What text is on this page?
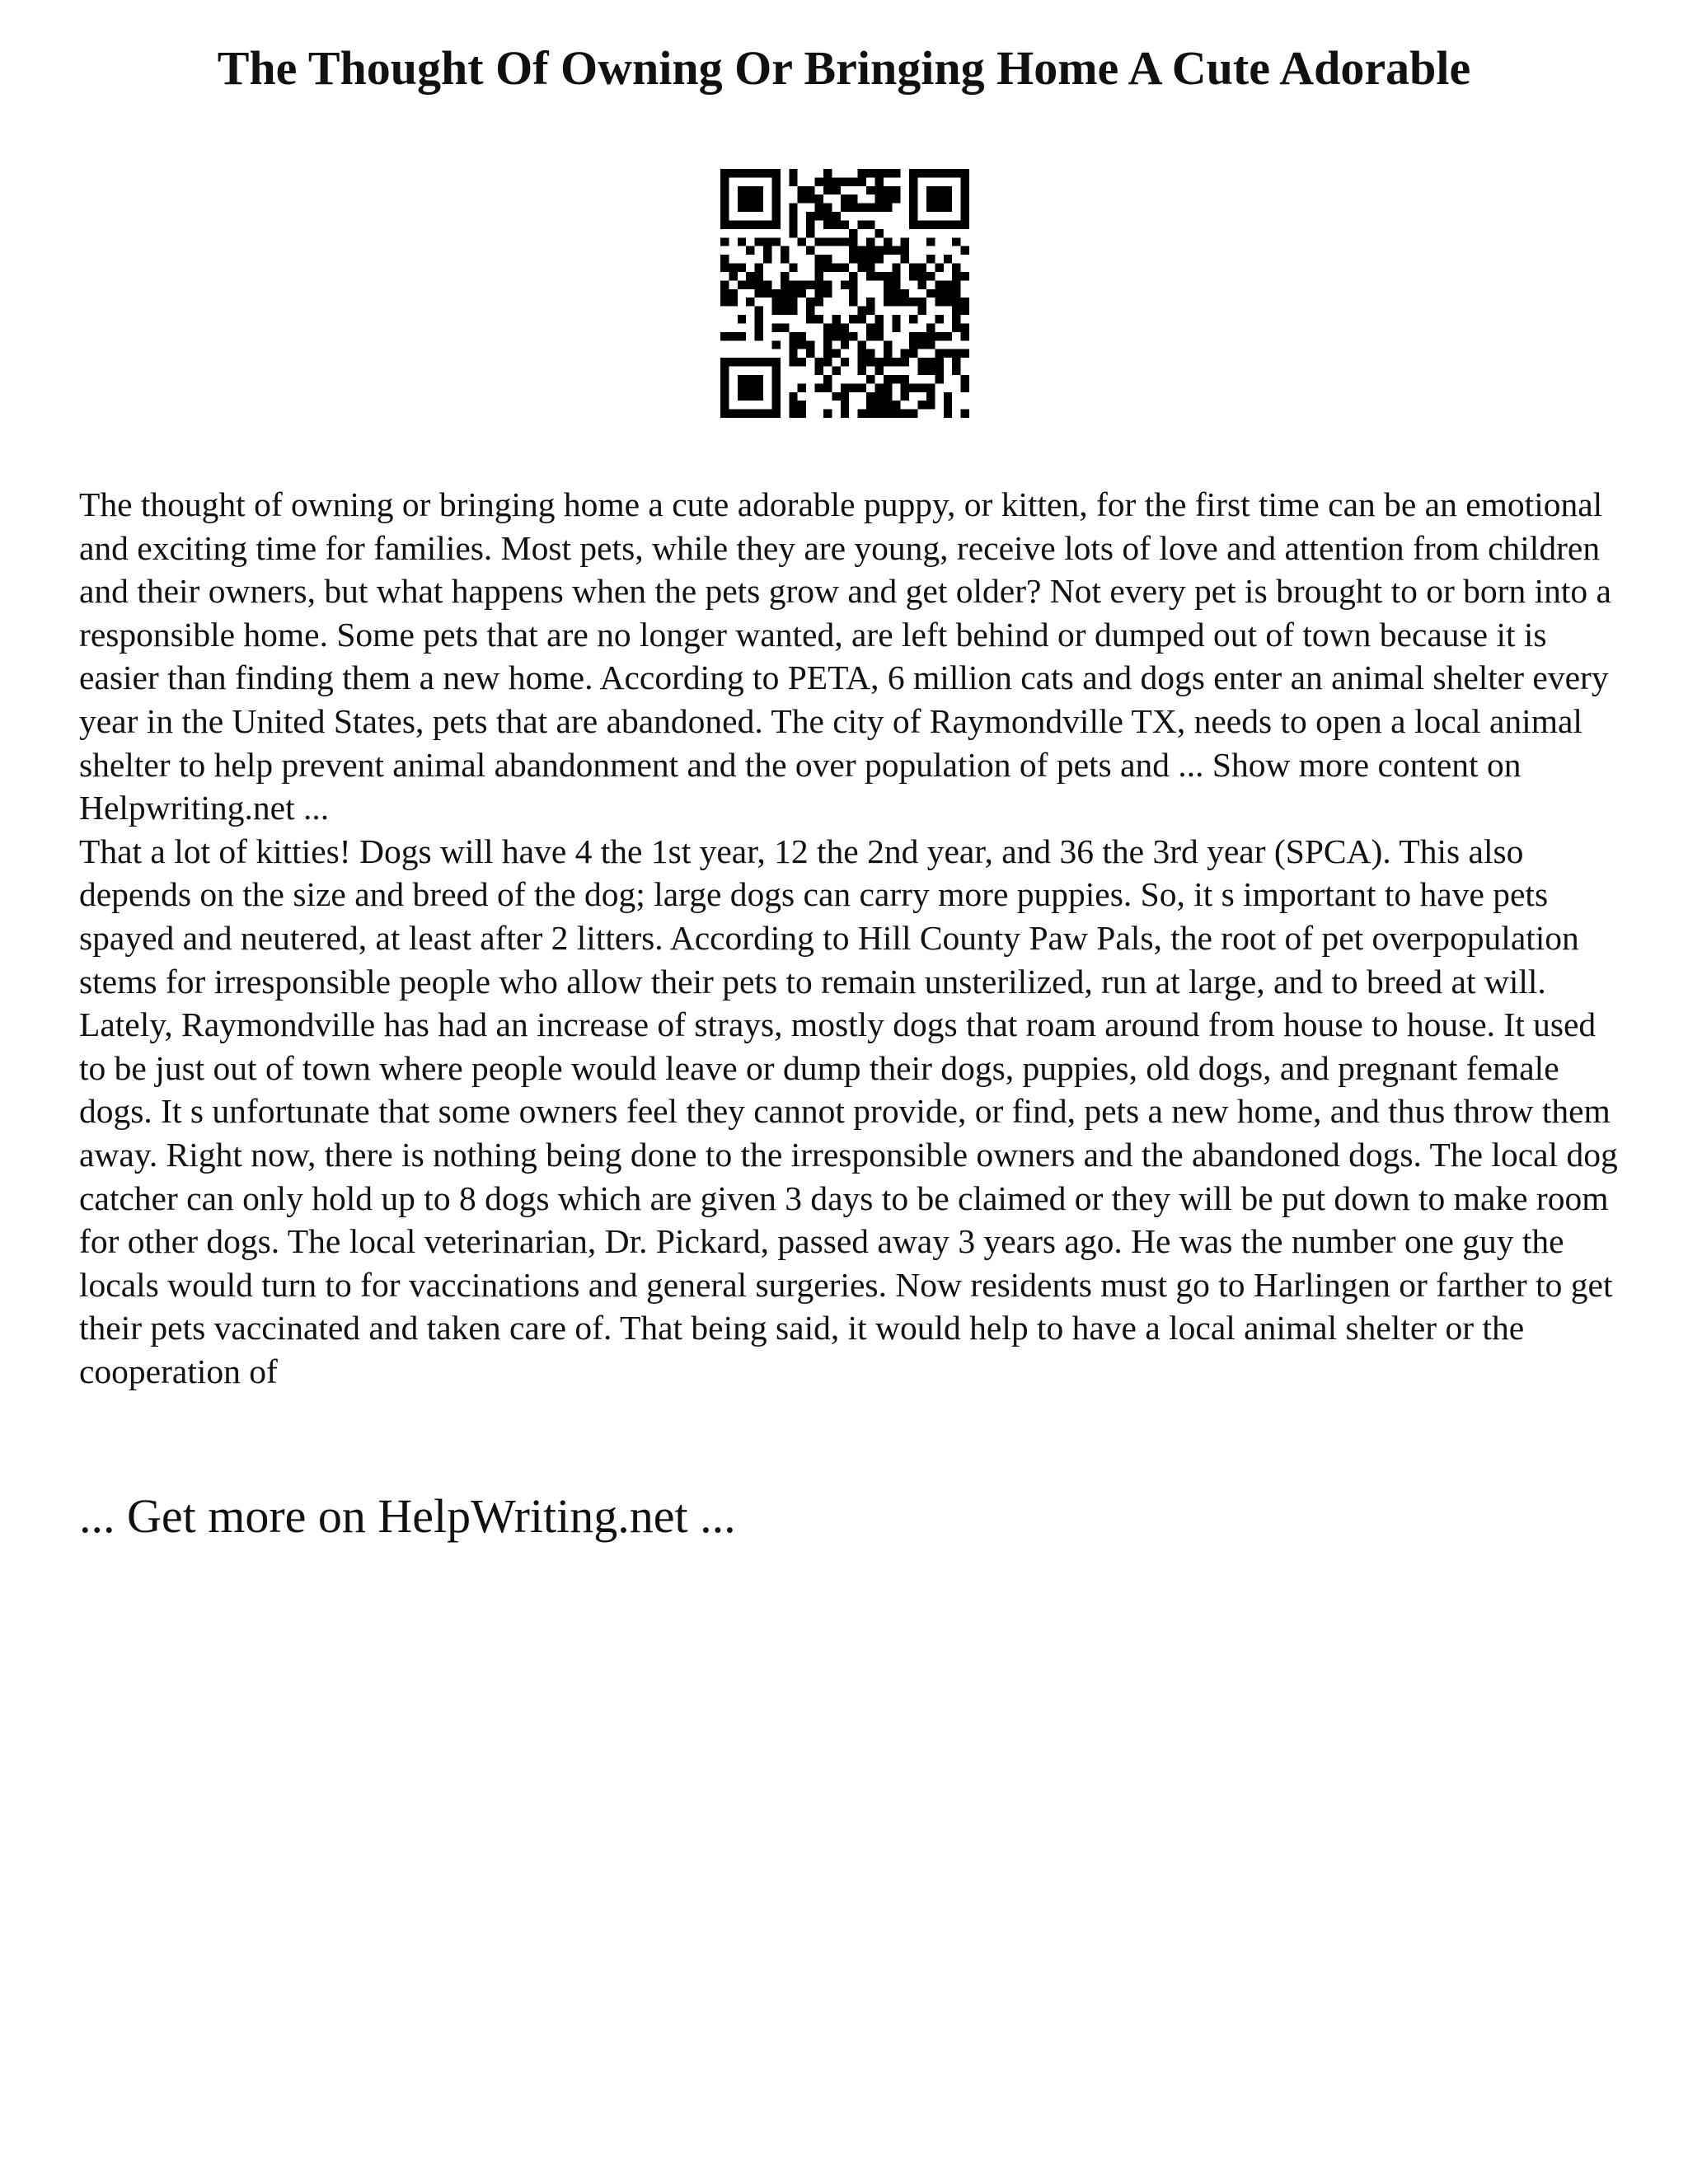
The Thought Of Owning Or Bringing Home A Cute Adorable

The thought of owning or bringing home a cute adorable puppy, or kitten, for the first time can be an emotional and exciting time for families. Most pets, while they are young, receive lots of love and attention from children and their owners, but what happens when the pets grow and get older? Not every pet is brought to or born into a responsible home. Some pets that are no longer wanted, are left behind or dumped out of town because it is easier than finding them a new home. According to PETA, 6 million cats and dogs enter an animal shelter every year in the United States, pets that are abandoned. The city of Raymondville TX, needs to open a local animal shelter to help prevent animal abandonment and the over population of pets and ... Show more content on Helpwriting.net ...

That a lot of kitties! Dogs will have 4 the 1st year, 12 the 2nd year, and 36 the 3rd year (SPCA). This also depends on the size and breed of the dog; large dogs can carry more puppies. So, it s important to have pets spayed and neutered, at least after 2 litters. According to Hill County Paw Pals, the root of pet overpopulation stems for irresponsible people who allow their pets to remain unsterilized, run at large, and to breed at will. Lately, Raymondville has had an increase of strays, mostly dogs that roam around from house to house. It used to be just out of town where people would leave or dump their dogs, puppies, old dogs, and pregnant female dogs. It s unfortunate that some owners feel they cannot provide, or find, pets a new home, and thus throw them away. Right now, there is nothing being done to the irresponsible owners and the abandoned dogs. The local dog catcher can only hold up to 8 dogs which are given 3 days to be claimed or they will be put down to make room for other dogs. The local veterinarian, Dr. Pickard, passed away 3 years ago. He was the number one guy the locals would turn to for vaccinations and general surgeries. Now residents must go to Harlingen or farther to get their pets vaccinated and taken care of. That being said, it would help to have a local animal shelter or the cooperation of

... Get more on HelpWriting.net ...
